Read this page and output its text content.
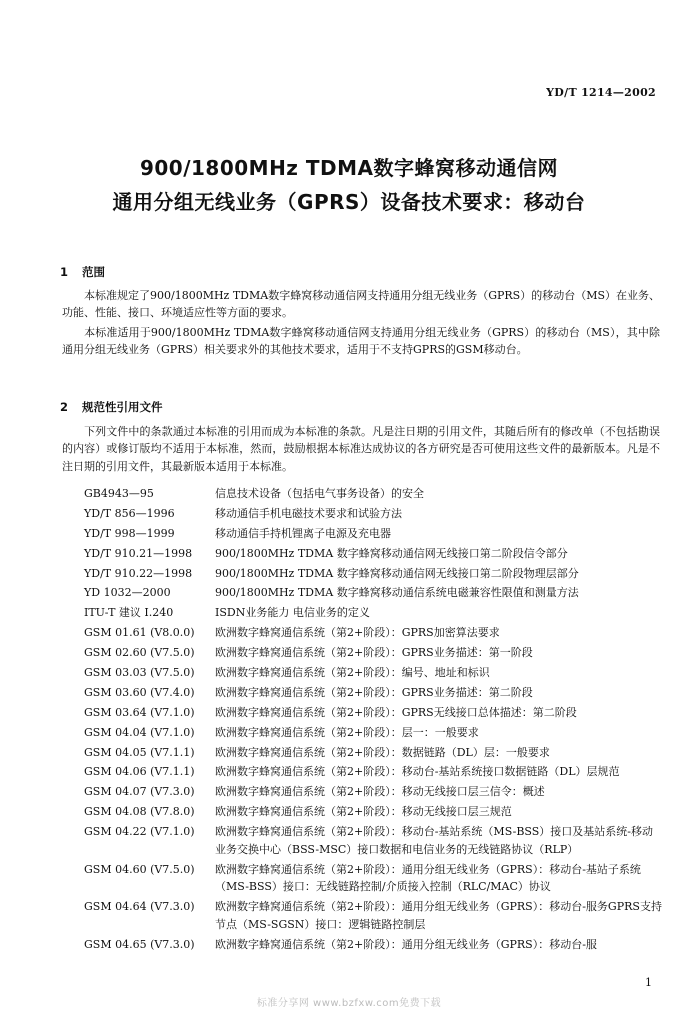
YD/T 1214—2002
900/1800MHz TDMA数字蜂窝移动通信网
通用分组无线业务（GPRS）设备技术要求：移动台
1 范围
本标准规定了900/1800MHz TDMA数字蜂窝移动通信网支持通用分组无线业务（GPRS）的移动台（MS）在业务、功能、性能、接口、环境适应性等方面的要求。
本标准适用于900/1800MHz TDMA数字蜂窝移动通信网支持通用分组无线业务（GPRS）的移动台（MS），其中除通用分组无线业务（GPRS）相关要求外的其他技术要求，适用于不支持GPRS的GSM移动台。
2 规范性引用文件
下列文件中的条款通过本标准的引用而成为本标准的条款。凡是注日期的引用文件，其随后所有的修改单（不包括勘误的内容）或修订版均不适用于本标准，然而，鼓励根据本标准达成协议的各方研究是否可使用这些文件的最新版本。凡是不注日期的引用文件，其最新版本适用于本标准。
GB4943—95	信息技术设备（包括电气事务设备）的安全
YD/T 856—1996	移动通信手机电磁技术要求和试验方法
YD/T 998—1999	移动通信手持机锂离子电源及充电器
YD/T 910.21—1998	900/1800MHz TDMA 数字蜂窝移动通信网无线接口第二阶段信令部分
YD/T 910.22—1998	900/1800MHz TDMA 数字蜂窝移动通信网无线接口第二阶段物理层部分
YD 1032—2000	900/1800MHz TDMA 数字蜂窝移动通信系统电磁兼容性限值和测量方法
ITU-T 建议 I.240	ISDN业务能力 电信业务的定义
GSM 01.61 (V8.0.0)	欧洲数字蜂窝通信系统（第2+阶段）：GPRS加密算法要求
GSM 02.60 (V7.5.0)	欧洲数字蜂窝通信系统（第2+阶段）：GPRS业务描述：第一阶段
GSM 03.03 (V7.5.0)	欧洲数字蜂窝通信系统（第2+阶段）：编号、地址和标识
GSM 03.60 (V7.4.0)	欧洲数字蜂窝通信系统（第2+阶段）：GPRS业务描述：第二阶段
GSM 03.64 (V7.1.0)	欧洲数字蜂窝通信系统（第2+阶段）：GPRS无线接口总体描述：第二阶段
GSM 04.04 (V7.1.0)	欧洲数字蜂窝通信系统（第2+阶段）：层一：一般要求
GSM 04.05 (V7.1.1)	欧洲数字蜂窝通信系统（第2+阶段）：数据链路（DL）层：一般要求
GSM 04.06 (V7.1.1)	欧洲数字蜂窝通信系统（第2+阶段）：移动台-基站系统接口数据链路（DL）层规范
GSM 04.07 (V7.3.0)	欧洲数字蜂窝通信系统（第2+阶段）：移动无线接口层三信令：概述
GSM 04.08 (V7.8.0)	欧洲数字蜂窝通信系统（第2+阶段）：移动无线接口层三规范
GSM 04.22 (V7.1.0)	欧洲数字蜂窝通信系统（第2+阶段）：移动台-基站系统（MS-BSS）接口及基站系统-移动业务交换中心（BSS-MSC）接口数据和电信业务的无线链路协议（RLP）
GSM 04.60 (V7.5.0)	欧洲数字蜂窝通信系统（第2+阶段）：通用分组无线业务（GPRS）：移动台-基站子系统（MS-BSS）接口：无线链路控制/介质接入控制（RLC/MAC）协议
GSM 04.64 (V7.3.0)	欧洲数字蜂窝通信系统（第2+阶段）：通用分组无线业务（GPRS）：移动台-服务GPRS支持节点（MS-SGSN）接口：逻辑链路控制层
GSM 04.65 (V7.3.0)	欧洲数字蜂窝通信系统（第2+阶段）：通用分组无线业务（GPRS）：移动台-服
1
标准分享网 www.bzfxw.com免费下载
